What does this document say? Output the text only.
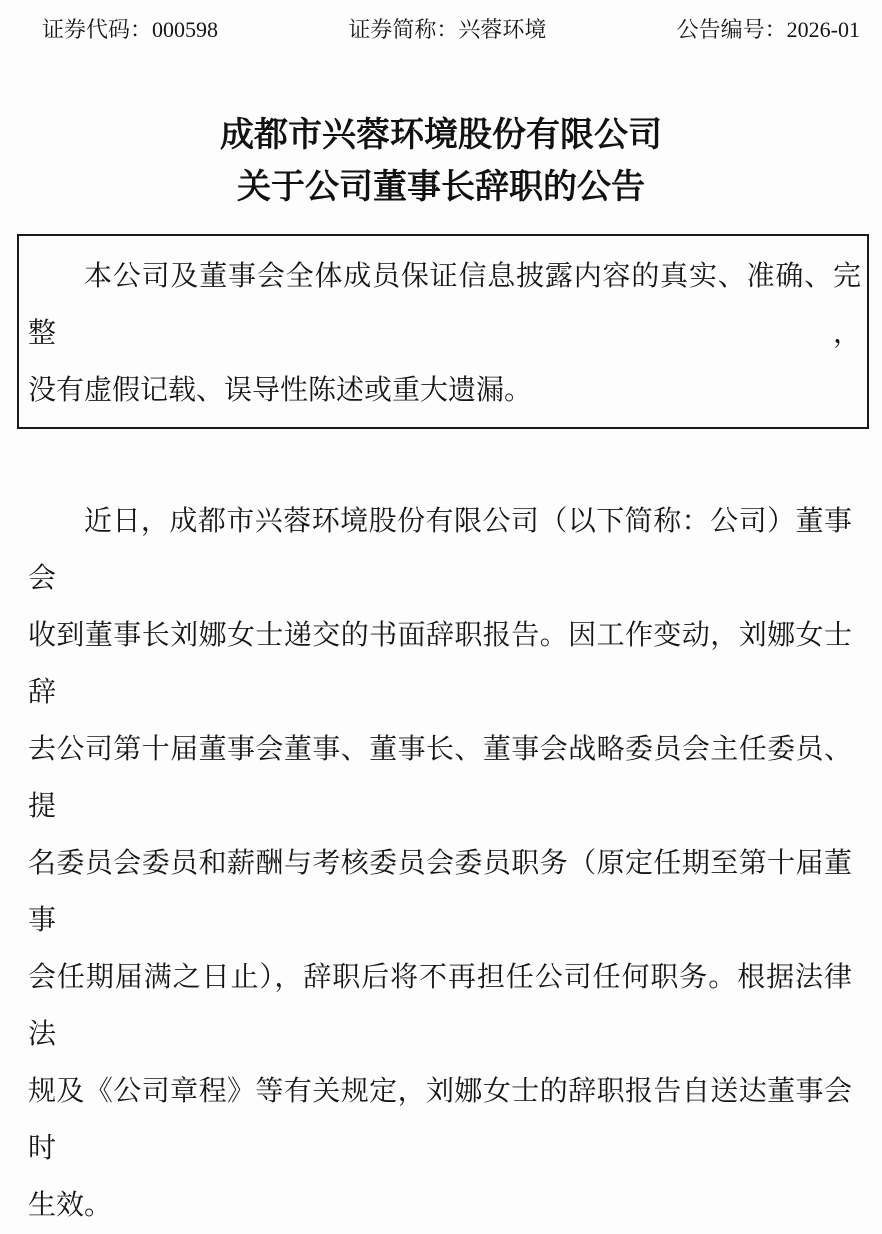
证券代码：000598	证券简称：兴蓉环境	公告编号：2026-01
成都市兴蓉环境股份有限公司
关于公司董事长辞职的公告
本公司及董事会全体成员保证信息披露内容的真实、准确、完整，
没有虚假记载、误导性陈述或重大遗漏。
近日，成都市兴蓉环境股份有限公司（以下简称：公司）董事会
收到董事长刘娜女士递交的书面辞职报告。因工作变动，刘娜女士辞
去公司第十届董事会董事、董事长、董事会战略委员会主任委员、提
名委员会委员和薪酬与考核委员会委员职务（原定任期至第十届董事
会任期届满之日止），辞职后将不再担任公司任何职务。根据法律法
规及《公司章程》等有关规定，刘娜女士的辞职报告自送达董事会时
生效。
